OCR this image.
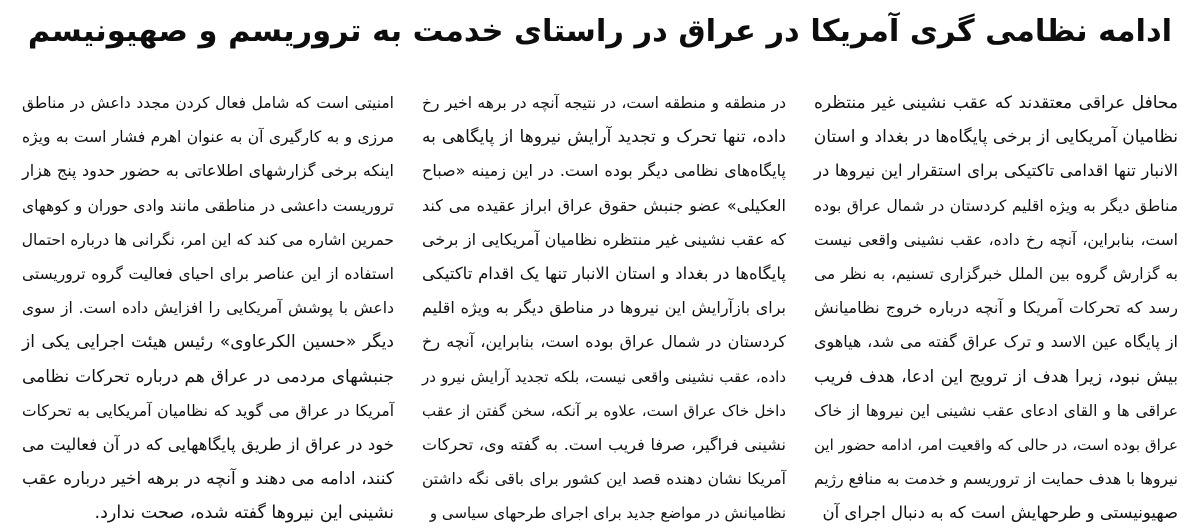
ادامه نظامی گری آمریکا در عراق در راستای خدمت به تروریسم و صهیونیسم
محافل عراقی معتقدند که عقب نشینی غیر منتظره
نظامیان آمریکایی از برخی پایگاه‌ها در بغداد و استان
الانبار تنها اقدامی تاکتیکی برای استقرار این نیروها در
مناطق دیگر به ویژه اقلیم کردستان در شمال عراق بوده
است، بنابراین، آنچه رخ داده، عقب نشینی واقعی نیست
به گزارش گروه بین الملل خبرگزاری تسنیم، به نظر می
رسد که تحرکات آمریکا و آنچه درباره خروج نظامیانش
از پایگاه عین الاسد و ترک عراق گفته می شد، هیاهوی
بیش نبود، زیرا هدف از ترویج این ادعا، هدف فریب
عراقی ها و القای ادعای عقب نشینی این نیروها از خاک
عراق بوده است، در حالی که واقعیت امر، ادامه حضور این
نیروها با هدف حمایت از تروریسم و خدمت به منافع رژیم
صهیونیستی و طرحهایش است که به دنبال اجرای آن
در منطقه و منطقه است، در نتیجه آنچه در برهه اخیر رخ
داده، تنها تحرک و تجدید آرایش نیروها از پایگاهی به
پایگاه‌های نظامی دیگر بوده است. در این زمینه «صباح
العکیلی» عضو جنبش حقوق عراق ابراز عقیده می کند
که عقب نشینی غیر منتظره نظامیان آمریکایی از برخی
پایگاه‌ها در بغداد و استان الانبار تنها یک اقدام تاکتیکی
برای بازآرایش این نیروها در مناطق دیگر به ویژه اقلیم
کردستان در شمال عراق بوده است، بنابراین، آنچه رخ
داده، عقب نشینی واقعی نیست، بلکه تجدید آرایش نیرو در
داخل خاک عراق است، علاوه بر آنکه، سخن گفتن از عقب
نشینی فراگیر، صرفا فریب است. به گفته وی، تحرکات
آمریکا نشان دهنده قصد این کشور برای باقی نگه داشتن
نظامیانش در مواضع جدید برای اجرای طرحهای سیاسی و
امنیتی است که شامل فعال کردن مجدد داعش در مناطق
مرزی و به کارگیری آن به عنوان اهرم فشار است به ویژه
اینکه برخی گزارشهای اطلاعاتی به حضور حدود پنج هزار
تروریست داعشی در مناطقی مانند وادی حوران و کوههای
حمرین اشاره می کند که این امر، نگرانی ها درباره احتمال
استفاده از این عناصر برای احیای فعالیت گروه تروریستی
داعش با پوشش آمریکایی را افزایش داده است. از سوی
دیگر «حسین الکرعاوی» رئیس هیئت اجرایی یکی از
جنبشهای مردمی در عراق هم درباره تحرکات نظامی
آمریکا در عراق می گوید که نظامیان آمریکایی به تحرکات
خود در عراق از طریق پایگاههایی که در آن فعالیت می
کنند، ادامه می دهند و آنچه در برهه اخیر درباره عقب
نشینی این نیروها گفته شده، صحت ندارد.
